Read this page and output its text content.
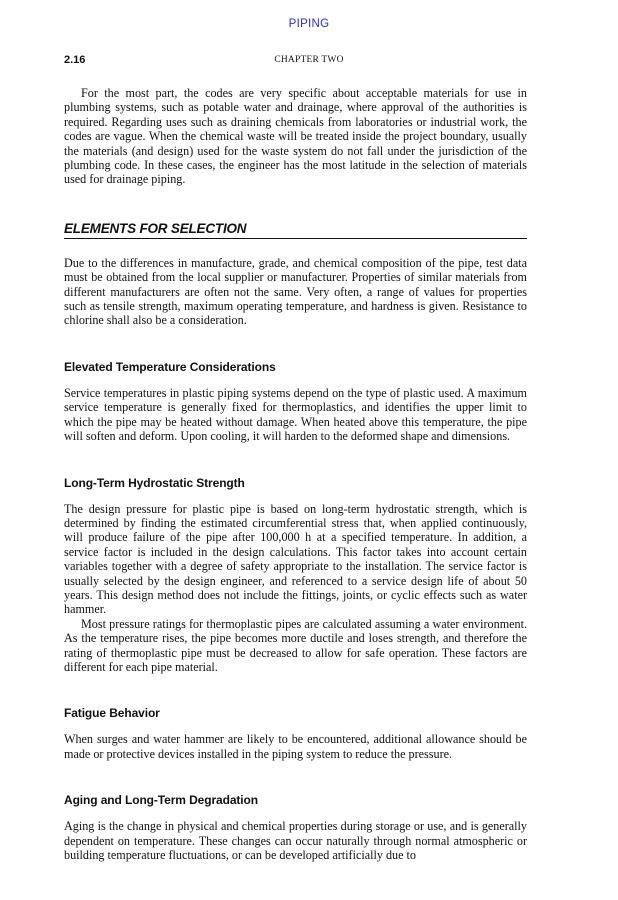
PIPING
2.16	CHAPTER TWO

For the most part, the codes are very specific about acceptable materials for use in plumbing systems, such as potable water and drainage, where approval of the authorities is required. Regarding uses such as draining chemicals from laboratories or industrial work, the codes are vague. When the chemical waste will be treated inside the project boundary, usually the materials (and design) used for the waste system do not fall under the jurisdiction of the plumbing code. In these cases, the engineer has the most latitude in the selection of materials used for drainage piping.

ELEMENTS FOR SELECTION

Due to the differences in manufacture, grade, and chemical composition of the pipe, test data must be obtained from the local supplier or manufacturer. Properties of similar materials from different manufacturers are often not the same. Very often, a range of values for properties such as tensile strength, maximum operating temperature, and hardness is given. Resistance to chlorine shall also be a consideration.

Elevated Temperature Considerations

Service temperatures in plastic piping systems depend on the type of plastic used. A maximum service temperature is generally fixed for thermoplastics, and identifies the upper limit to which the pipe may be heated without damage. When heated above this temperature, the pipe will soften and deform. Upon cooling, it will harden to the deformed shape and dimensions.

Long-Term Hydrostatic Strength

The design pressure for plastic pipe is based on long-term hydrostatic strength, which is determined by finding the estimated circumferential stress that, when applied continuously, will produce failure of the pipe after 100,000 h at a specified temperature. In addition, a service factor is included in the design calculations. This factor takes into account certain variables together with a degree of safety appropriate to the installation. The service factor is usually selected by the design engineer, and referenced to a service design life of about 50 years. This design method does not include the fittings, joints, or cyclic effects such as water hammer.

Most pressure ratings for thermoplastic pipes are calculated assuming a water environment. As the temperature rises, the pipe becomes more ductile and loses strength, and therefore the rating of thermoplastic pipe must be decreased to allow for safe operation. These factors are different for each pipe material.

Fatigue Behavior

When surges and water hammer are likely to be encountered, additional allowance should be made or protective devices installed in the piping system to reduce the pressure.

Aging and Long-Term Degradation

Aging is the change in physical and chemical properties during storage or use, and is generally dependent on temperature. These changes can occur naturally through normal atmospheric or building temperature fluctuations, or can be developed artificially due to
